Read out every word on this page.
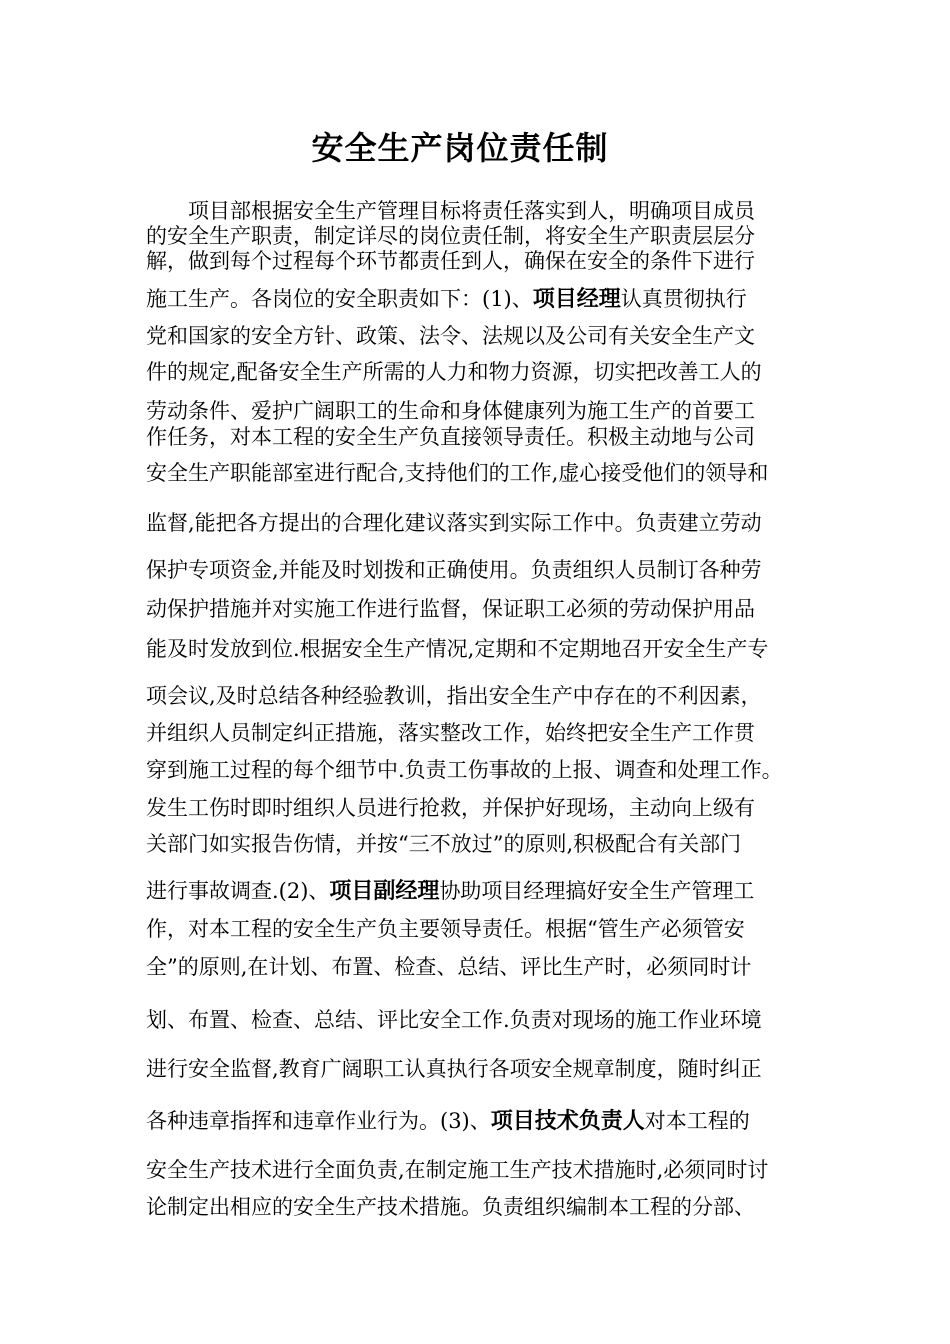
安全生产岗位责任制
项目部根据安全生产管理目标将责任落实到人，明确项目成员
的安全生产职责，制定详尽的岗位责任制，将安全生产职责层层分
解，做到每个过程每个环节都责任到人，确保在安全的条件下进行
施工生产。各岗位的安全职责如下：(1)、项目经理认真贯彻执行
党和国家的安全方针、政策、法令、法规以及公司有关安全生产文
件的规定,配备安全生产所需的人力和物力资源，切实把改善工人的
劳动条件、爱护广阔职工的生命和身体健康列为施工生产的首要工
作任务，对本工程的安全生产负直接领导责任。积极主动地与公司
安全生产职能部室进行配合,支持他们的工作,虚心接受他们的领导和
监督,能把各方提出的合理化建议落实到实际工作中。负责建立劳动
保护专项资金,并能及时划拨和正确使用。负责组织人员制订各种劳
动保护措施并对实施工作进行监督，保证职工必须的劳动保护用品
能及时发放到位.根据安全生产情况,定期和不定期地召开安全生产专
项会议,及时总结各种经验教训，指出安全生产中存在的不利因素，
并组织人员制定纠正措施，落实整改工作，始终把安全生产工作贯
穿到施工过程的每个细节中.负责工伤事故的上报、调查和处理工作。
发生工伤时即时组织人员进行抢救，并保护好现场，主动向上级有
关部门如实报告伤情，并按“三不放过”的原则,积极配合有关部门
进行事故调查.(2)、项目副经理协助项目经理搞好安全生产管理工
作，对本工程的安全生产负主要领导责任。根据“管生产必须管安
全”的原则,在计划、布置、检查、总结、评比生产时，必须同时计
划、布置、检查、总结、评比安全工作.负责对现场的施工作业环境
进行安全监督,教育广阔职工认真执行各项安全规章制度，随时纠正
各种违章指挥和违章作业行为。(3)、项目技术负责人对本工程的
安全生产技术进行全面负责,在制定施工生产技术措施时,必须同时讨
论制定出相应的安全生产技术措施。负责组织编制本工程的分部、
